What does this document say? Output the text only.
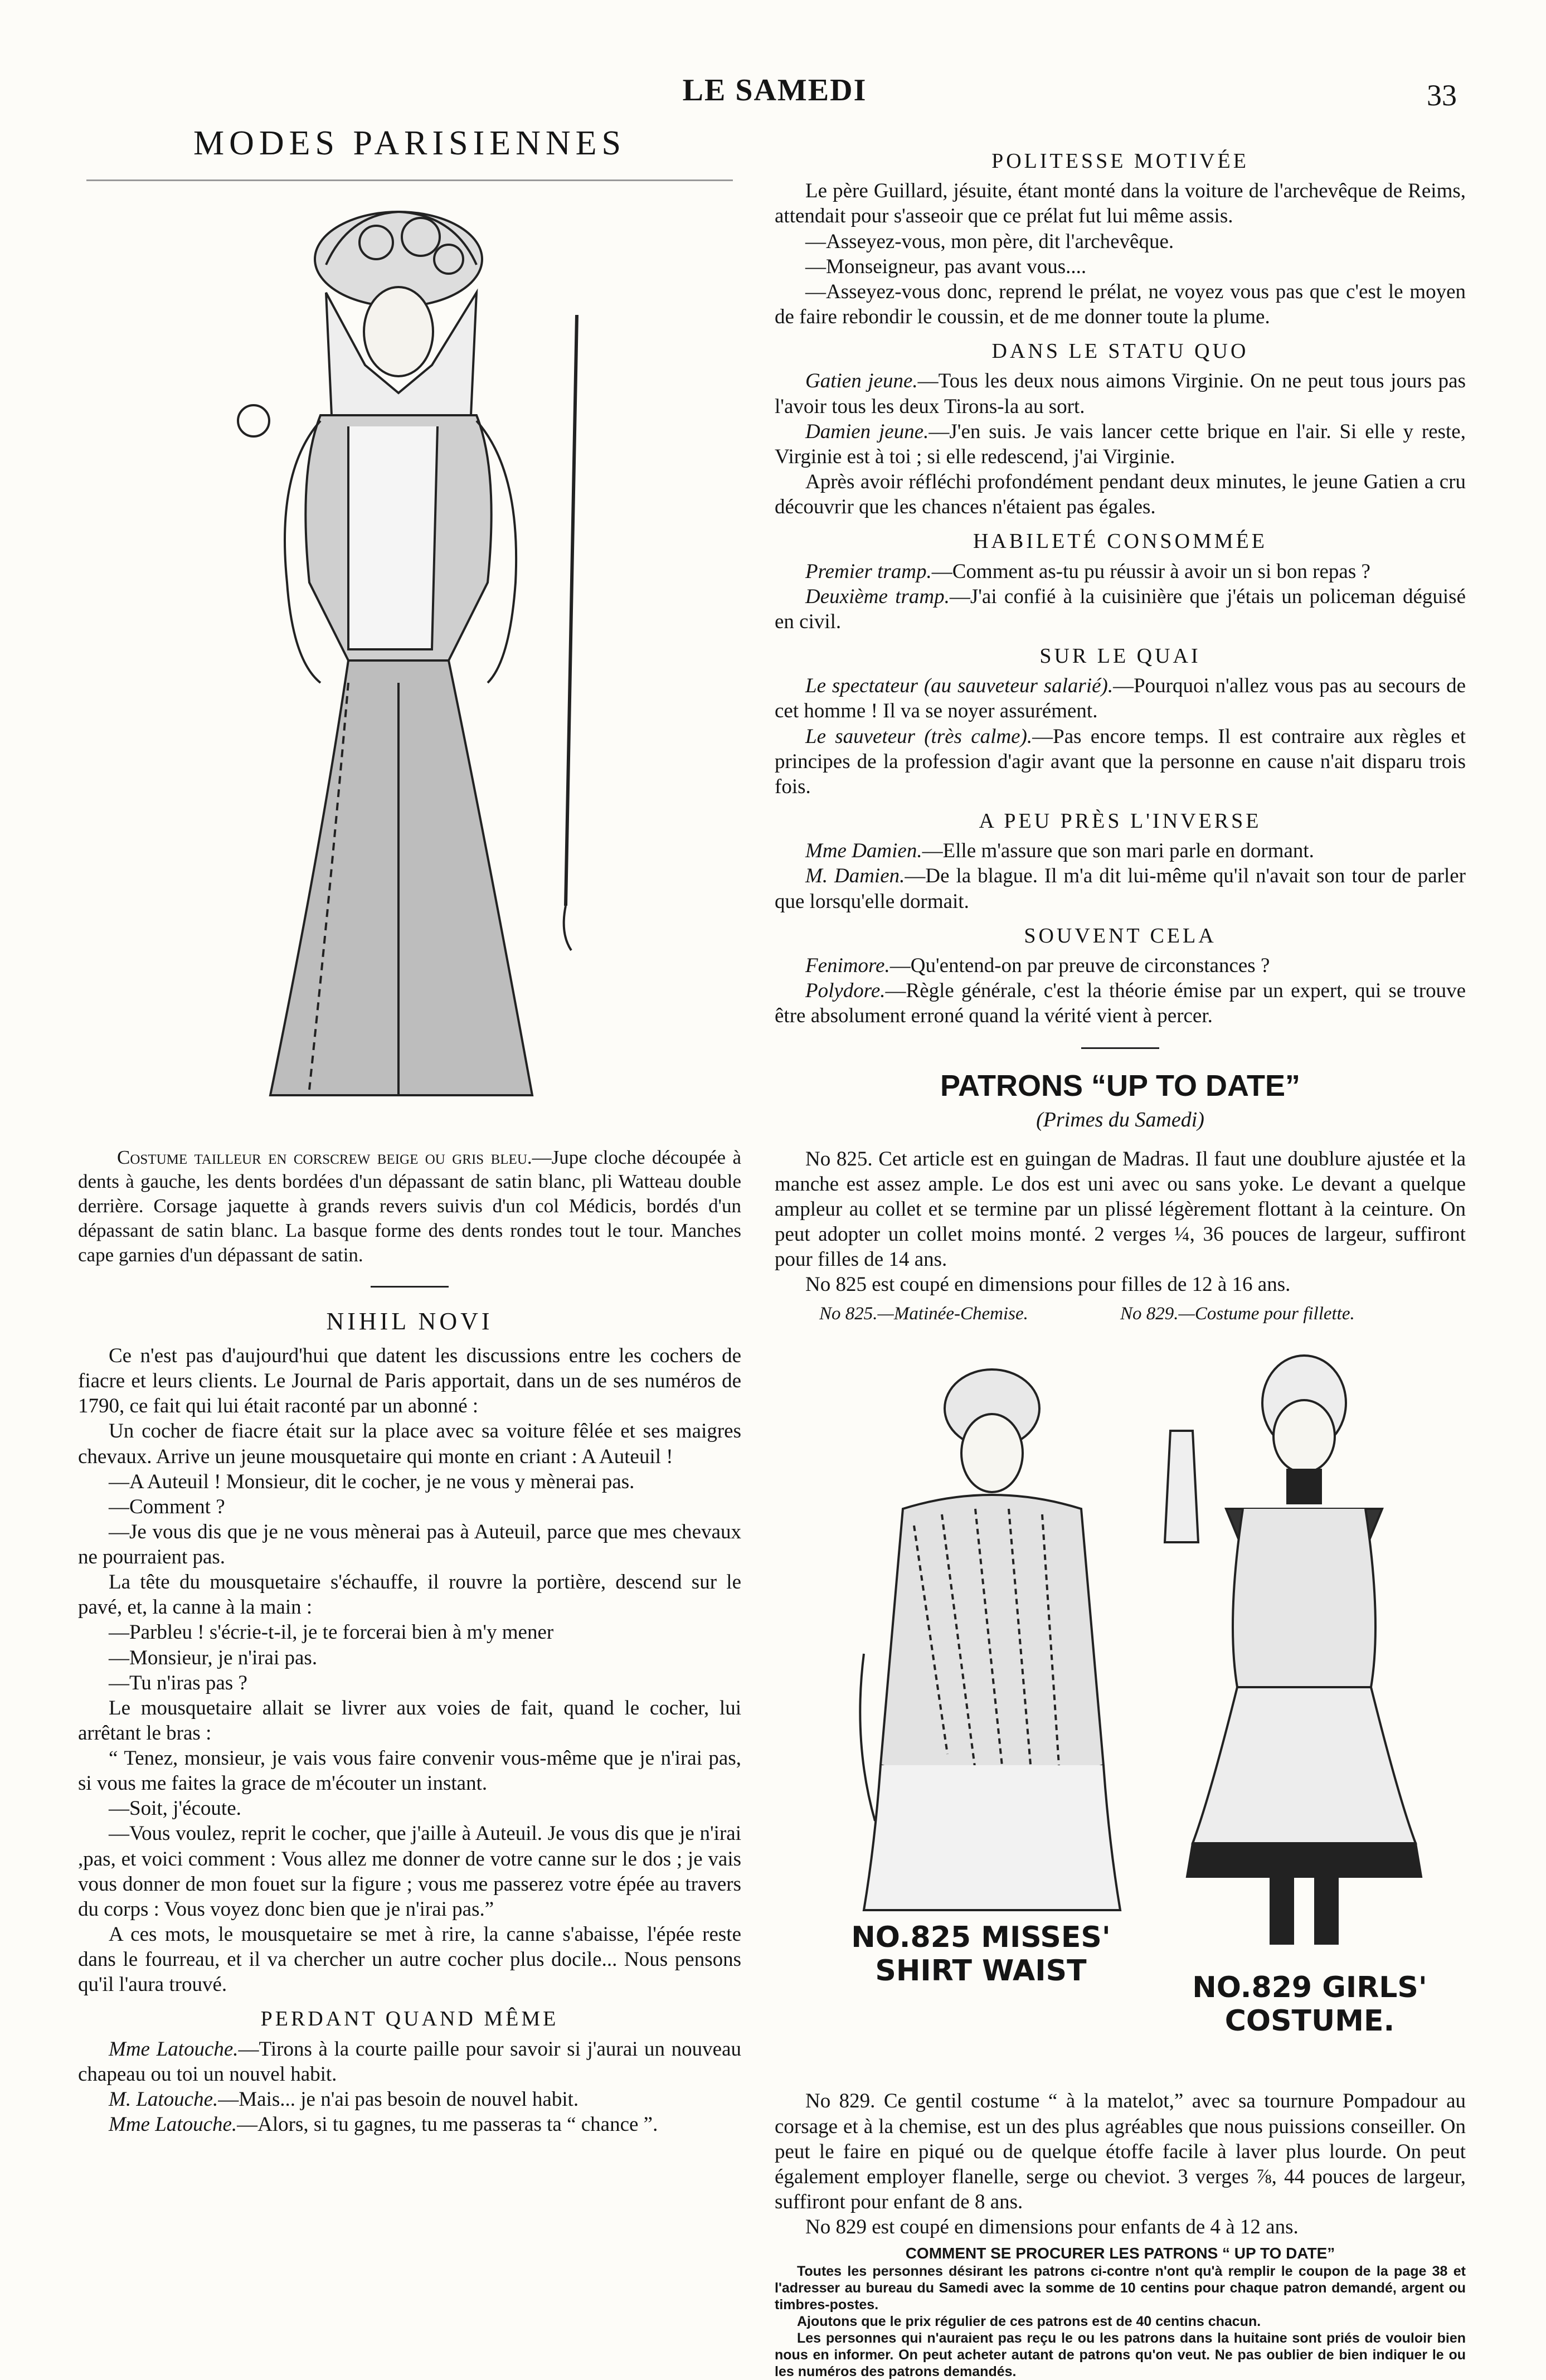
LE SAMEDI	33
MODES PARISIENNES

Costume tailleur en corscrew beige ou gris bleu.—Jupe cloche découpée à dents à gauche, les dents bordées d'un dépassant de satin blanc, pli Watteau double derrière. Corsage jaquette à grands revers suivis d'un col Médicis, bordés d'un dépassant de satin blanc. La basque forme des dents rondes tout le tour. Manches cape garnies d'un dépassant de satin.

NIHIL NOVI

Ce n'est pas d'aujourd'hui que datent les discussions entre les cochers de fiacre et leurs clients. Le Journal de Paris apportait, dans un de ses numéros de 1790, ce fait qui lui était raconté par un abonné :

Un cocher de fiacre était sur la place avec sa voiture fêlée et ses maigres chevaux. Arrive un jeune mousquetaire qui monte en criant : A Auteuil !

—A Auteuil ! Monsieur, dit le cocher, je ne vous y mènerai pas.

—Comment ?

—Je vous dis que je ne vous mènerai pas à Auteuil, parce que mes chevaux ne pourraient pas.

La tête du mousquetaire s'échauffe, il rouvre la portière, descend sur le pavé, et, la canne à la main :

—Parbleu ! s'écrie-t-il, je te forcerai bien à m'y mener

—Monsieur, je n'irai pas.

—Tu n'iras pas ?

Le mousquetaire allait se livrer aux voies de fait, quand le cocher, lui arrêtant le bras :

“ Tenez, monsieur, je vais vous faire convenir vous-même que je n'irai pas, si vous me faites la grace de m'écouter un instant.

—Soit, j'écoute.

—Vous voulez, reprit le cocher, que j'aille à Auteuil. Je vous dis que je n'irai ,pas, et voici comment : Vous allez me donner de votre canne sur le dos ; je vais vous donner de mon fouet sur la figure ; vous me passerez votre épée au travers du corps : Vous voyez donc bien que je n'irai pas.”

A ces mots, le mousquetaire se met à rire, la canne s'abaisse, l'épée reste dans le fourreau, et il va chercher un autre cocher plus docile... Nous pensons qu'il l'aura trouvé.

PERDANT QUAND MÊME

Mme Latouche.—Tirons à la courte paille pour savoir si j'aurai un nouveau chapeau ou toi un nouvel habit.

M. Latouche.—Mais... je n'ai pas besoin de nouvel habit.

Mme Latouche.—Alors, si tu gagnes, tu me passeras ta “ chance ”.

POLITESSE MOTIVÉE

Le père Guillard, jésuite, étant monté dans la voiture de l'archevêque de Reims, attendait pour s'asseoir que ce prélat fut lui même assis.

—Asseyez-vous, mon père, dit l'archevêque.

—Monseigneur, pas avant vous....

—Asseyez-vous donc, reprend le prélat, ne voyez vous pas que c'est le moyen de faire rebondir le coussin, et de me donner toute la plume.

DANS LE STATU QUO

Gatien jeune.—Tous les deux nous aimons Virginie. On ne peut tous jours pas l'avoir tous les deux Tirons-la au sort.

Damien jeune.—J'en suis. Je vais lancer cette brique en l'air. Si elle y reste, Virginie est à toi ; si elle redescend, j'ai Virginie.

Après avoir réfléchi profondément pendant deux minutes, le jeune Gatien a cru découvrir que les chances n'étaient pas égales.

HABILETÉ CONSOMMÉE

Premier tramp.—Comment as-tu pu réussir à avoir un si bon repas ?

Deuxième tramp.—J'ai confié à la cuisinière que j'étais un policeman déguisé en civil.

SUR LE QUAI

Le spectateur (au sauveteur salarié).—Pourquoi n'allez vous pas au secours de cet homme ! Il va se noyer assurément.

Le sauveteur (très calme).—Pas encore temps. Il est contraire aux règles et principes de la profession d'agir avant que la personne en cause n'ait disparu trois fois.

A PEU PRÈS L'INVERSE

Mme Damien.—Elle m'assure que son mari parle en dormant.

M. Damien.—De la blague. Il m'a dit lui-même qu'il n'avait son tour de parler que lorsqu'elle dormait.

SOUVENT CELA

Fenimore.—Qu'entend-on par preuve de circonstances ?

Polydore.—Règle générale, c'est la théorie émise par un expert, qui se trouve être absolument erroné quand la vérité vient à percer.

PATRONS “UP TO DATE”
(Primes du Samedi)

No 825. Cet article est en guingan de Madras. Il faut une doublure ajustée et la manche est assez ample. Le dos est uni avec ou sans yoke. Le devant a quelque ampleur au collet et se termine par un plissé légèrement flottant à la ceinture. On peut adopter un collet moins monté. 2 verges ¼, 36 pouces de largeur, suffiront pour filles de 14 ans.

No 825 est coupé en dimensions pour filles de 12 à 16 ans.

No 825.—Matinée-Chemise.	No 829.—Costume pour fillette.
NO.825 MISSES' SHIRT WAIST
NO.829 GIRLS' COSTUME.

No 829. Ce gentil costume “ à la matelot,” avec sa tournure Pompadour au corsage et à la chemise, est un des plus agréables que nous puissions conseiller. On peut le faire en piqué ou de quelque étoffe facile à laver plus lourde. On peut également employer flanelle, serge ou cheviot. 3 verges ⅞, 44 pouces de largeur, suffiront pour enfant de 8 ans.

No 829 est coupé en dimensions pour enfants de 4 à 12 ans.

COMMENT SE PROCURER LES PATRONS “ UP TO DATE”

Toutes les personnes désirant les patrons ci-contre n'ont qu'à remplir le coupon de la page 38 et l'adresser au bureau du Samedi avec la somme de 10 centins pour chaque patron demandé, argent ou timbres-postes.

Ajoutons que le prix régulier de ces patrons est de 40 centins chacun.

Les personnes qui n'auraient pas reçu le ou les patrons dans la huitaine sont priés de vouloir bien nous en informer. On peut acheter autant de patrons qu'on veut. Ne pas oublier de bien indiquer le ou les numéros des patrons demandés.
